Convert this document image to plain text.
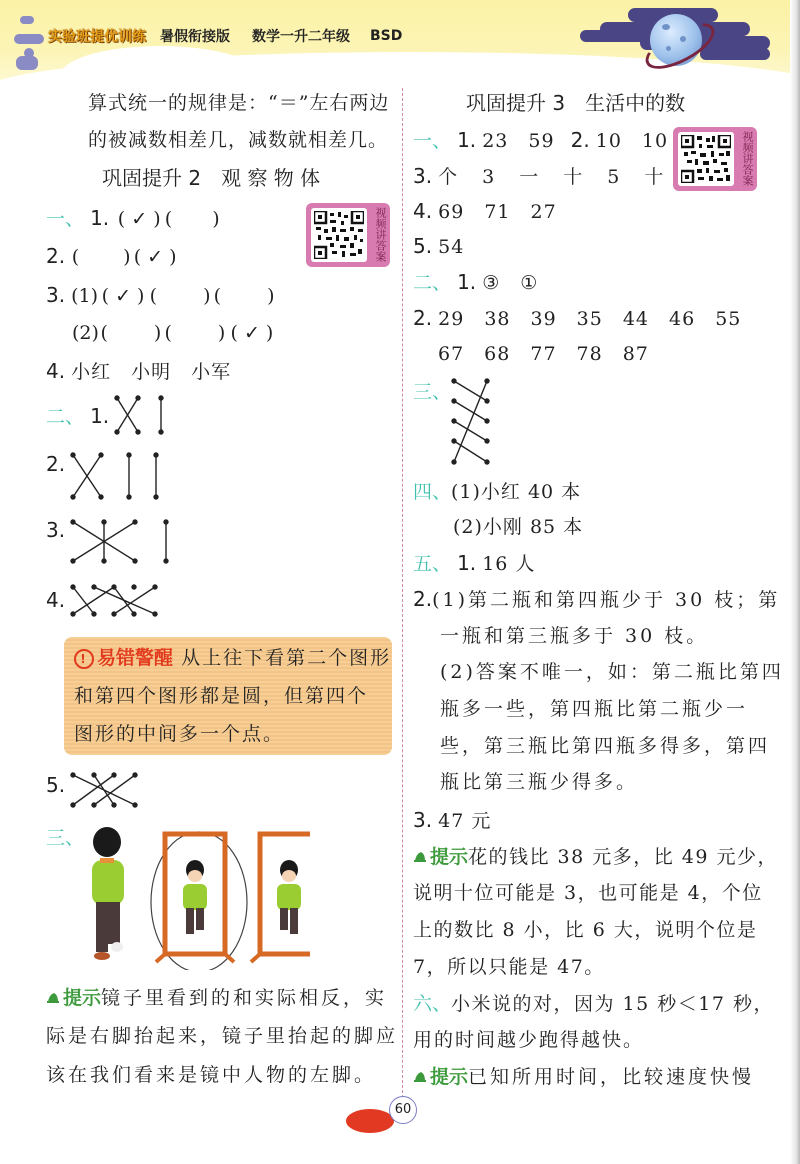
实验班提优训练 暑假衔接版 数学一升二年级 BSD
算式统一的规律是：“＝”左右两边
的被减数相差几，减数就相差几。
巩固提升 2　观 察 物 体
视频讲答案
一、 1. ( ✓ ) ( )
2. ( ) ( ✓ )
3. (1) ( ✓ ) ( ) ( )
(2)( ) ( ) ( ✓ )
4. 小红　小明　小军
二、 1.
2.
3.
4.
! 易错警醒 从上往下看第二个图形
和第四个图形都是圆，但第四个
图形的中间多一个点。
5.
三、
提示镜子里看到的和实际相反，实
际是右脚抬起来，镜子里抬起的脚应
该在我们看来是镜中人物的左脚。
巩固提升 3　生活中的数
视频讲答案
一、 1. 23　59 2. 10　10
3. 个　3　一　十　5　十
4. 69　71　27
5. 54
二、 1. ③　①
2. 29　38　39　35　44　46　55
67　68　77　78　87
三、
四、(1)小红 40 本
(2)小刚 85 本
五、 1. 16 人
2.(1)第二瓶和第四瓶少于 30 枝；第
一瓶和第三瓶多于 30 枝。
(2)答案不唯一，如：第二瓶比第四
瓶多一些，第四瓶比第二瓶少一
些，第三瓶比第四瓶多得多，第四
瓶比第三瓶少得多。
3. 47 元
提示花的钱比 38 元多，比 49 元少，
说明十位可能是 3，也可能是 4，个位
上的数比 8 小，比 6 大，说明个位是
7，所以只能是 47。
六、小米说的对，因为 15 秒＜17 秒，
用的时间越少跑得越快。
提示已知所用时间，比较速度快慢
60
